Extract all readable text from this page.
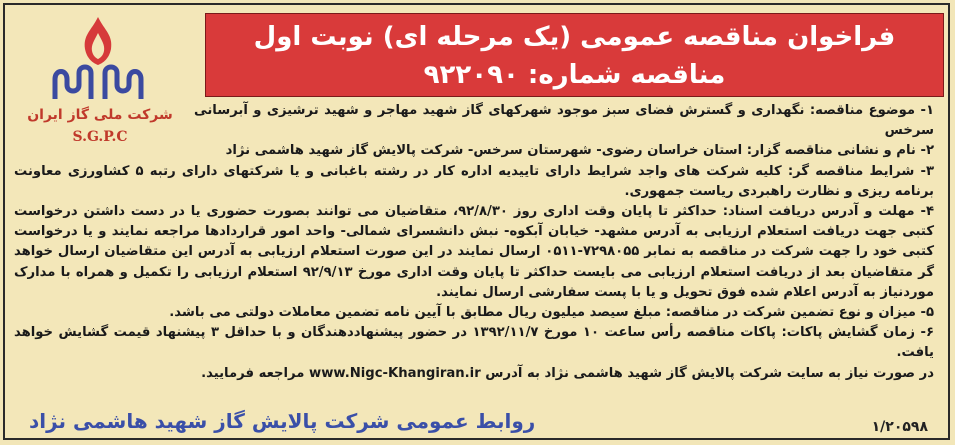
فراخوان مناقصه عمومی (یک مرحله ای) نوبت اول
مناقصه شماره: ۹۲۲۰۹۰
شرکت ملی گاز ایران
S.G.P.C

۱- موضوع مناقصه: نگهداری و گسترش فضای سبز موجود شهرکهای گاز شهید مهاجر و شهید ترشیزی و آبرسانی سرخس

۲- نام و نشانی مناقصه گزار: استان خراسان رضوی- شهرستان سرخس- شرکت پالایش گاز شهید هاشمی نژاد

۳- شرایط مناقصه گر: کلیه شرکت های واجد شرایط دارای تاییدیه اداره کار در رشته باغبانی و یا شرکتهای دارای رتبه ۵ کشاورزی معاونت برنامه ریزی و نظارت راهبردی ریاست جمهوری.

۴- مهلت و آدرس دریافت اسناد: حداکثر تا پایان وقت اداری روز ۹۲/۸/۳۰، متقاضیان می توانند بصورت حضوری یا در دست داشتن درخواست کتبی جهت دریافت استعلام ارزیابی به آدرس مشهد- خیابان آبکوه- نبش دانشسرای شمالی- واحد امور قراردادها مراجعه نمایند و یا درخواست کتبی خود را جهت شرکت در مناقصه به نمابر ۷۲۹۸۰۵۵-۰۵۱۱ ارسال نمایند در این صورت استعلام ارزیابی به آدرس این متقاضیان ارسال خواهد گر متقاضیان بعد از دریافت استعلام ارزیابی می بایست حداکثر تا پایان وقت اداری مورخ ۹۲/۹/۱۳ استعلام ارزیابی را تکمیل و همراه با مدارک موردنیاز به آدرس اعلام شده فوق تحویل و یا با پست سفارشی ارسال نمایند.

۵- میزان و نوع تضمین شرکت در مناقصه: مبلغ سیصد میلیون ریال مطابق با آیین نامه تضمین معاملات دولتی می باشد.

۶- زمان گشایش پاکات: پاکات مناقصه رأس ساعت ۱۰ مورخ ۱۳۹۲/۱۱/۷ در حضور پیشنهاددهندگان و با حداقل ۳ پیشنهاد قیمت گشایش خواهد یافت.

در صورت نیاز به سایت شرکت پالایش گاز شهید هاشمی نژاد به آدرس www.Nigc-Khangiran.ir مراجعه فرمایید.

روابط عمومی شرکت پالایش گاز شهید هاشمی نژاد	۱/۲۰۵۹۸
